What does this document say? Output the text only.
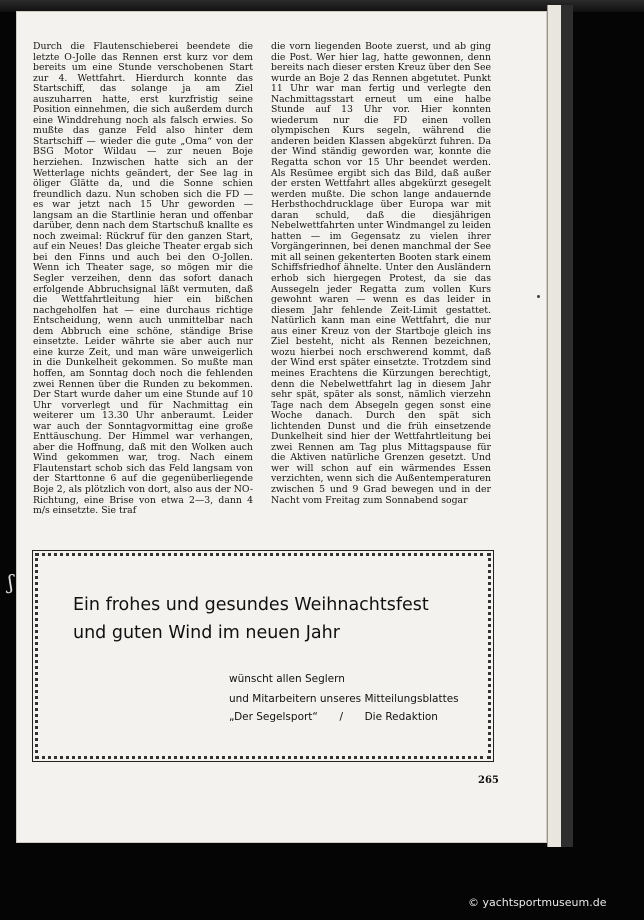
ʃ
Durch die Flautenschieberei beendete die letzte O-Jolle das Rennen erst kurz vor dem bereits um eine Stunde verschobenen Start zur 4. Wettfahrt. Hierdurch konnte das Startschiff, das solange ja am Ziel auszuharren hatte, erst kurzfristig seine Position einnehmen, die sich außerdem durch eine Winddrehung noch als falsch erwies. So mußte das ganze Feld also hinter dem Startschiff — wieder die gute „Oma“ von der BSG Motor Wildau — zur neuen Boje herziehen. Inzwischen hatte sich an der Wetterlage nichts geändert, der See lag in öliger Glätte da, und die Sonne schien freundlich dazu. Nun schoben sich die FD — es war jetzt nach 15 Uhr geworden — langsam an die Startlinie heran und offenbar darüber, denn nach dem Startschuß knallte es noch zweimal: Rückruf für den ganzen Start, auf ein Neues! Das gleiche Theater ergab sich bei den Finns und auch bei den O-Jollen. Wenn ich Theater sage, so mögen mir die Segler verzeihen, denn das sofort danach erfolgende Abbruchsignal läßt vermuten, daß die Wettfahrtleitung hier ein bißchen nachgeholfen hat — eine durchaus richtige Entscheidung, wenn auch unmittelbar nach dem Abbruch eine schöne, ständige Brise einsetzte. Leider währte sie aber auch nur eine kurze Zeit, und man wäre unweigerlich in die Dunkelheit gekommen. So mußte man hoffen, am Sonntag doch noch die fehlenden zwei Rennen über die Runden zu bekommen. Der Start wurde daher um eine Stunde auf 10 Uhr vorverlegt und für Nachmittag ein weiterer um 13.30 Uhr anberaumt. Leider war auch der Sonntagvormittag eine große Enttäuschung. Der Himmel war verhangen, aber die Hoffnung, daß mit den Wolken auch Wind gekommen war, trog. Nach einem Flautenstart schob sich das Feld langsam von der Starttonne 6 auf die gegenüberliegende Boje 2, als plötzlich von dort, also aus der NO-Richtung, eine Brise von etwa 2—3, dann 4 m/s einsetzte. Sie traf
die vorn liegenden Boote zuerst, und ab ging die Post. Wer hier lag, hatte gewonnen, denn bereits nach dieser ersten Kreuz über den See wurde an Boje 2 das Rennen abgetutet. Punkt 11 Uhr war man fertig und verlegte den Nachmittagsstart erneut um eine halbe Stunde auf 13 Uhr vor. Hier konnten wiederum nur die FD einen vollen olympischen Kurs segeln, während die anderen beiden Klassen abgekürzt fuhren. Da der Wind ständig geworden war, konnte die Regatta schon vor 15 Uhr beendet werden. Als Resümee ergibt sich das Bild, daß außer der ersten Wettfahrt alles abgekürzt gesegelt werden mußte. Die schon lange andauernde Herbsthochdrucklage über Europa war mit daran schuld, daß die diesjährigen Nebelwettfahrten unter Windmangel zu leiden hatten — im Gegensatz zu vielen ihrer Vorgängerinnen, bei denen manchmal der See mit all seinen gekenterten Booten stark einem Schiffsfriedhof ähnelte. Unter den Ausländern erhob sich hiergegen Protest, da sie das Aussegeln jeder Regatta zum vollen Kurs gewohnt waren — wenn es das leider in diesem Jahr fehlende Zeit-Limit gestattet. Natürlich kann man eine Wettfahrt, die nur aus einer Kreuz von der Startboje gleich ins Ziel besteht, nicht als Rennen bezeichnen, wozu hierbei noch erschwerend kommt, daß der Wind erst später einsetzte. Trotzdem sind meines Erachtens die Kürzungen berechtigt, denn die Nebelwettfahrt lag in diesem Jahr sehr spät, später als sonst, nämlich vierzehn Tage nach dem Absegeln gegen sonst eine Woche danach. Durch den spät sich lichtenden Dunst und die früh einsetzende Dunkelheit sind hier der Wettfahrtleitung bei zwei Rennen am Tag plus Mittagspause für die Aktiven natürliche Grenzen gesetzt. Und wer will schon auf ein wärmendes Essen verzichten, wenn sich die Außentemperaturen zwischen 5 und 9 Grad bewegen und in der Nacht vom Freitag zum Sonnabend sogar
Ein frohes und gesundes Weihnachtsfest
und guten Wind im neuen Jahr
wünscht allen Seglern
und Mitarbeitern unseres Mitteilungsblattes
„Der Segelsport“ / Die Redaktion
265
© yachtsportmuseum.de
